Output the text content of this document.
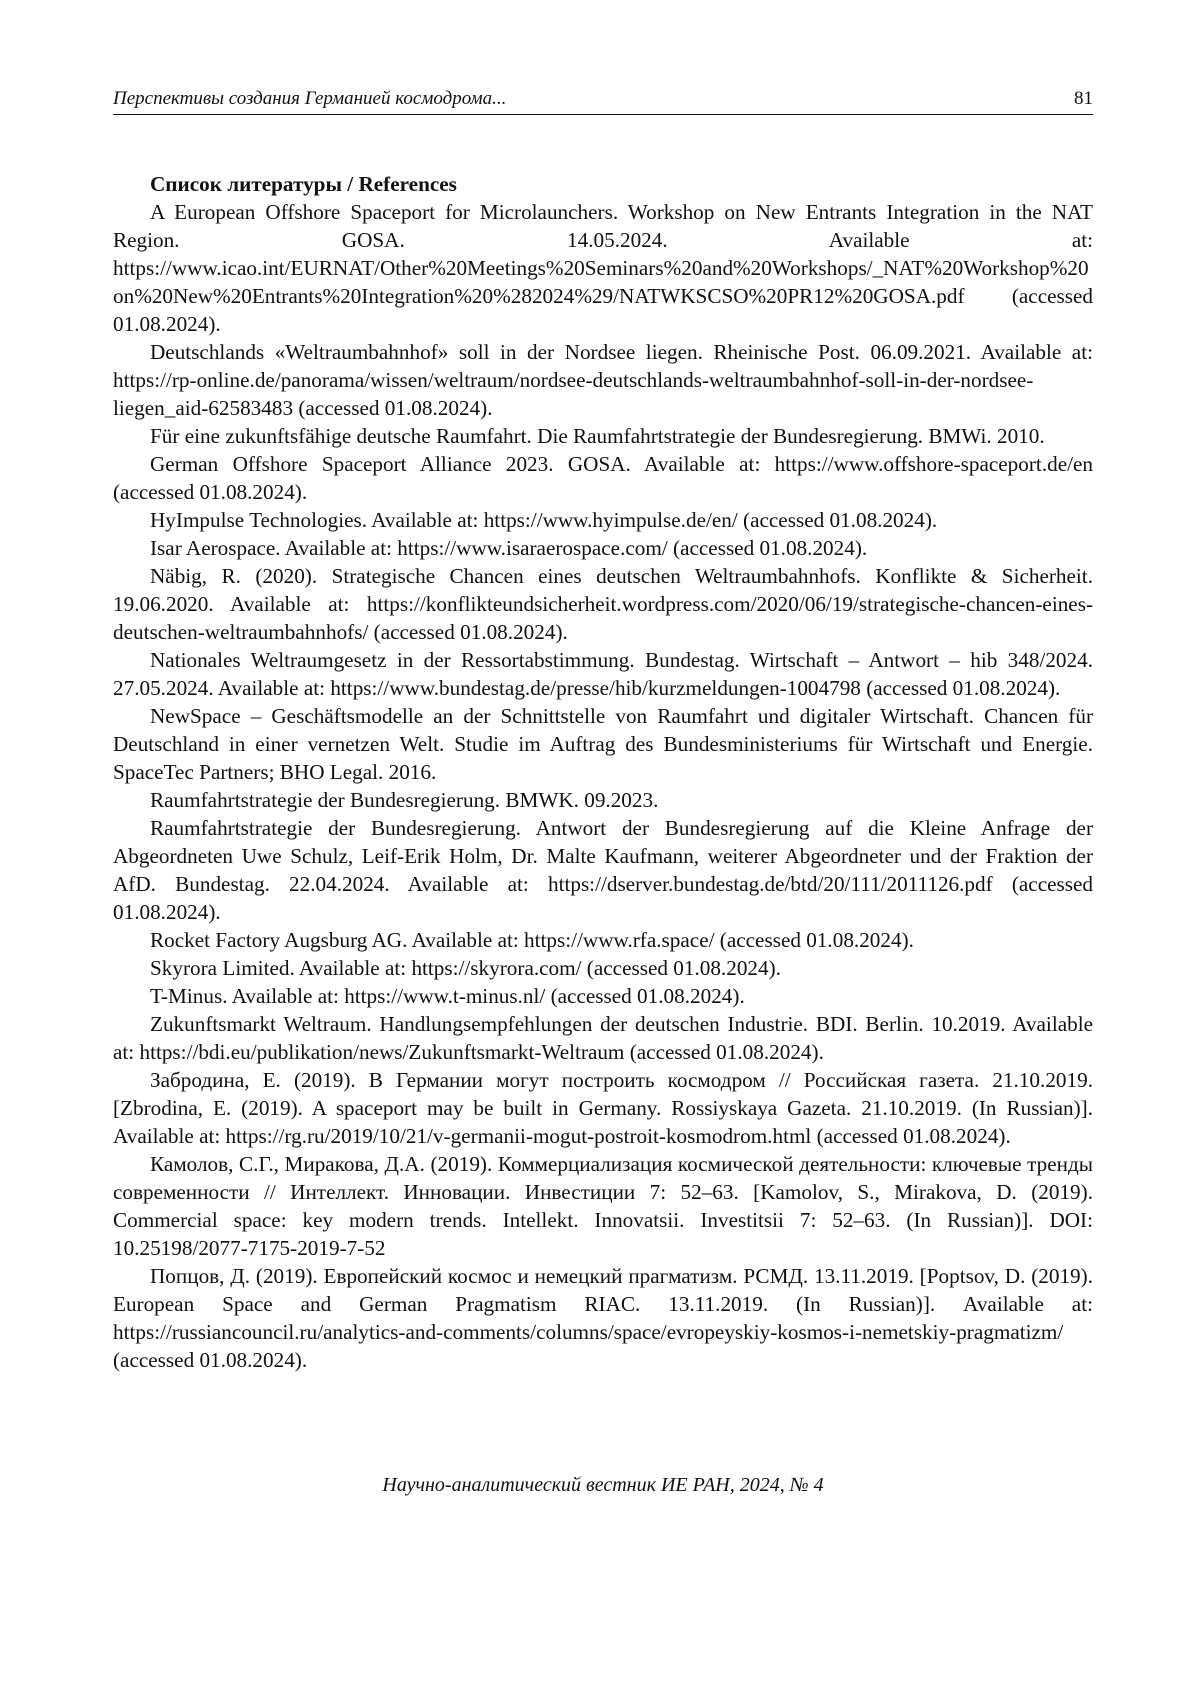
Перспективы создания Германией космодрома...	81
Список литературы / References
A European Offshore Spaceport for Microlaunchers. Workshop on New Entrants Integration in the NAT Region. GOSA. 14.05.2024. Available at: https://www.icao.int/EURNAT/Other%20Meetings%20Seminars%20and%20Workshops/_NAT%20Workshop%20on%20New%20Entrants%20Integration%20%282024%29/NATWKSCSO%20PR12%20GOSA.pdf (accessed 01.08.2024).
Deutschlands «Weltraumbahnhof» soll in der Nordsee liegen. Rheinische Post. 06.09.2021. Available at: https://rp-online.de/panorama/wissen/weltraum/nordsee-deutschlands-weltraumbahnhof-soll-in-der-nordsee-liegen_aid-62583483 (accessed 01.08.2024).
Für eine zukunftsfähige deutsche Raumfahrt. Die Raumfahrtstrategie der Bundesregierung. BMWi. 2010.
German Offshore Spaceport Alliance 2023. GOSA. Available at: https://www.offshore-spaceport.de/en (accessed 01.08.2024).
HyImpulse Technologies. Available at: https://www.hyimpulse.de/en/ (accessed 01.08.2024).
Isar Aerospace. Available at: https://www.isaraerospace.com/ (accessed 01.08.2024).
Näbig, R. (2020). Strategische Chancen eines deutschen Weltraumbahnhofs. Konflikte & Sicherheit. 19.06.2020. Available at: https://konflikteundsicherheit.wordpress.com/2020/06/19/strategische-chancen-eines-deutschen-weltraumbahnhofs/ (accessed 01.08.2024).
Nationales Weltraumgesetz in der Ressortabstimmung. Bundestag. Wirtschaft – Antwort – hib 348/2024. 27.05.2024. Available at: https://www.bundestag.de/presse/hib/kurzmeldungen-1004798 (accessed 01.08.2024).
NewSpace – Geschäftsmodelle an der Schnittstelle von Raumfahrt und digitaler Wirtschaft. Chancen für Deutschland in einer vernetzen Welt. Studie im Auftrag des Bundesministeriums für Wirtschaft und Energie. SpaceTec Partners; BHO Legal. 2016.
Raumfahrtstrategie der Bundesregierung. BMWK. 09.2023.
Raumfahrtstrategie der Bundesregierung. Antwort der Bundesregierung auf die Kleine Anfrage der Abgeordneten Uwe Schulz, Leif-Erik Holm, Dr. Malte Kaufmann, weiterer Abgeordneter und der Fraktion der AfD. Bundestag. 22.04.2024. Available at: https://dserver.bundestag.de/btd/20/111/2011126.pdf (accessed 01.08.2024).
Rocket Factory Augsburg AG. Available at: https://www.rfa.space/ (accessed 01.08.2024).
Skyrora Limited. Available at: https://skyrora.com/ (accessed 01.08.2024).
T-Minus. Available at: https://www.t-minus.nl/ (accessed 01.08.2024).
Zukunftsmarkt Weltraum. Handlungsempfehlungen der deutschen Industrie. BDI. Berlin. 10.2019. Available at: https://bdi.eu/publikation/news/Zukunftsmarkt-Weltraum (accessed 01.08.2024).
Забродина, Е. (2019). В Германии могут построить космодром // Российская газета. 21.10.2019. [Zbrodina, E. (2019). A spaceport may be built in Germany. Rossiyskaya Gazeta. 21.10.2019. (In Russian)]. Available at: https://rg.ru/2019/10/21/v-germanii-mogut-postroit-kosmodrom.html (accessed 01.08.2024).
Камолов, С.Г., Миракова, Д.А. (2019). Коммерциализация космической деятельности: ключевые тренды современности // Интеллект. Инновации. Инвестиции 7: 52–63. [Kamolov, S., Mirakova, D. (2019). Commercial space: key modern trends. Intellekt. Innovatsii. Investitsii 7: 52–63. (In Russian)]. DOI: 10.25198/2077-7175-2019-7-52
Попцов, Д. (2019). Европейский космос и немецкий прагматизм. РСМД. 13.11.2019. [Poptsov, D. (2019). European Space and German Pragmatism RIAC. 13.11.2019. (In Russian)]. Available at: https://russiancouncil.ru/analytics-and-comments/columns/space/evropeyskiy-kosmos-i-nemetskiy-pragmatizm/ (accessed 01.08.2024).
Научно-аналитический вестник ИЕ РАН, 2024, № 4
